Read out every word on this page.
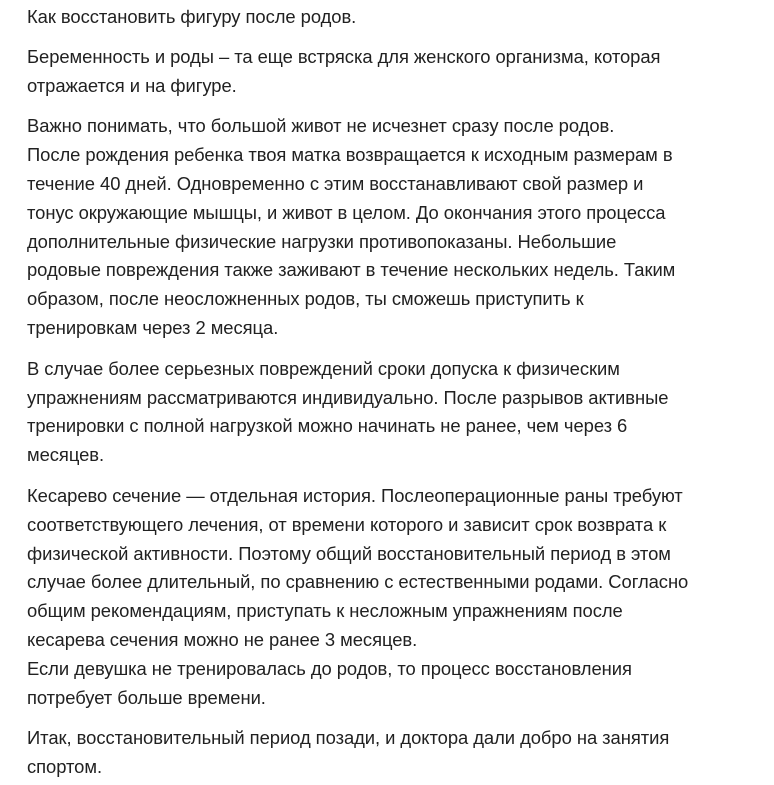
Как восстановить фигуру после родов.

Беременность и роды – та еще встряска для женского организма, которая
отражается и на фигуре.

Важно понимать, что большой живот не исчезнет сразу после родов.
После рождения ребенка твоя матка возвращается к исходным размерам в
течение 40 дней. Одновременно с этим восстанавливают свой размер и
тонус окружающие мышцы, и живот в целом. До окончания этого процесса
дополнительные физические нагрузки противопоказаны. Небольшие
родовые повреждения также заживают в течение нескольких недель. Таким
образом, после неосложненных родов, ты сможешь приступить к
тренировкам через 2 месяца.

В случае более серьезных повреждений сроки допуска к физическим
упражнениям рассматриваются индивидуально. После разрывов активные
тренировки с полной нагрузкой можно начинать не ранее, чем через 6
месяцев.

Кесарево сечение — отдельная история. Послеоперационные раны требуют
соответствующего лечения, от времени которого и зависит срок возврата к
физической активности. Поэтому общий восстановительный период в этом
случае более длительный, по сравнению с естественными родами. Согласно
общим рекомендациям, приступать к несложным упражнениям после
кесарева сечения можно не ранее 3 месяцев.
Если девушка не тренировалась до родов, то процесс восстановления
потребует больше времени.

Итак, восстановительный период позади, и доктора дали добро на занятия
спортом.
